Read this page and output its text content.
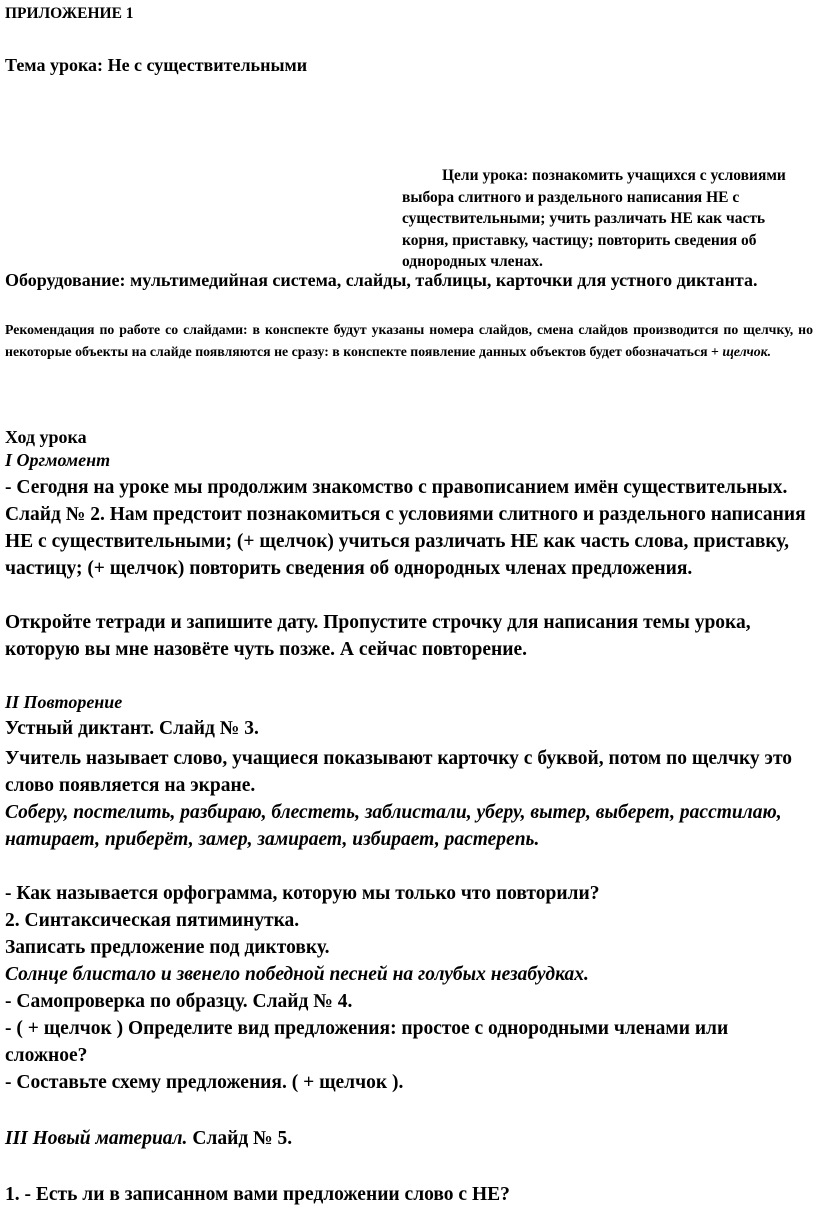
ПРИЛОЖЕНИЕ 1

Тема урока: Не с существительными

Цели урока: познакомить учащихся с условиями выбора слитного и раздельного написания НЕ с существительными; учить различать НЕ как часть корня, приставку, частицу; повторить сведения об однородных членах.

Оборудование: мультимедийная система, слайды, таблицы, карточки для устного диктанта.

Рекомендация по работе со слайдами: в конспекте будут указаны номера слайдов, смена слайдов производится по щелчку, но некоторые объекты на слайде появляются не сразу: в конспекте появление данных объектов будет обозначаться + щелчок.

Ход урока

I Оргмомент

- Сегодня на уроке мы продолжим знакомство с правописанием имён существительных. Слайд № 2. Нам предстоит познакомиться с условиями слитного и раздельного написания НЕ с существительными; (+ щелчок) учиться различать НЕ как часть слова, приставку, частицу; (+ щелчок) повторить сведения об однородных членах предложения.

Откройте тетради и запишите дату. Пропустите строчку для написания темы урока, которую вы мне назовёте чуть позже. А сейчас повторение.

II Повторение

Устный диктант. Слайд № 3.

Учитель называет слово, учащиеся показывают карточку с буквой, потом по щелчку это слово появляется на экране.

Соберу, постелить, разбираю, блестеть, заблистали, уберу, вытер, выберет, расстилаю, натирает, приберёт, замер, замирает, избирает, растерепь.

- Как называется орфограмма, которую мы только что повторили?

2. Синтаксическая пятиминутка.

Записать предложение под диктовку.

Солнце блистало и звенело победной песней на голубых незабудках.

- Самопроверка по образцу. Слайд № 4.

- ( + щелчок ) Определите вид предложения: простое с однородными членами или сложное?

- Составьте схему предложения. ( + щелчок ).

III Новый материал. Слайд № 5.

1. - Есть ли в записанном вами предложении слово с НЕ?
